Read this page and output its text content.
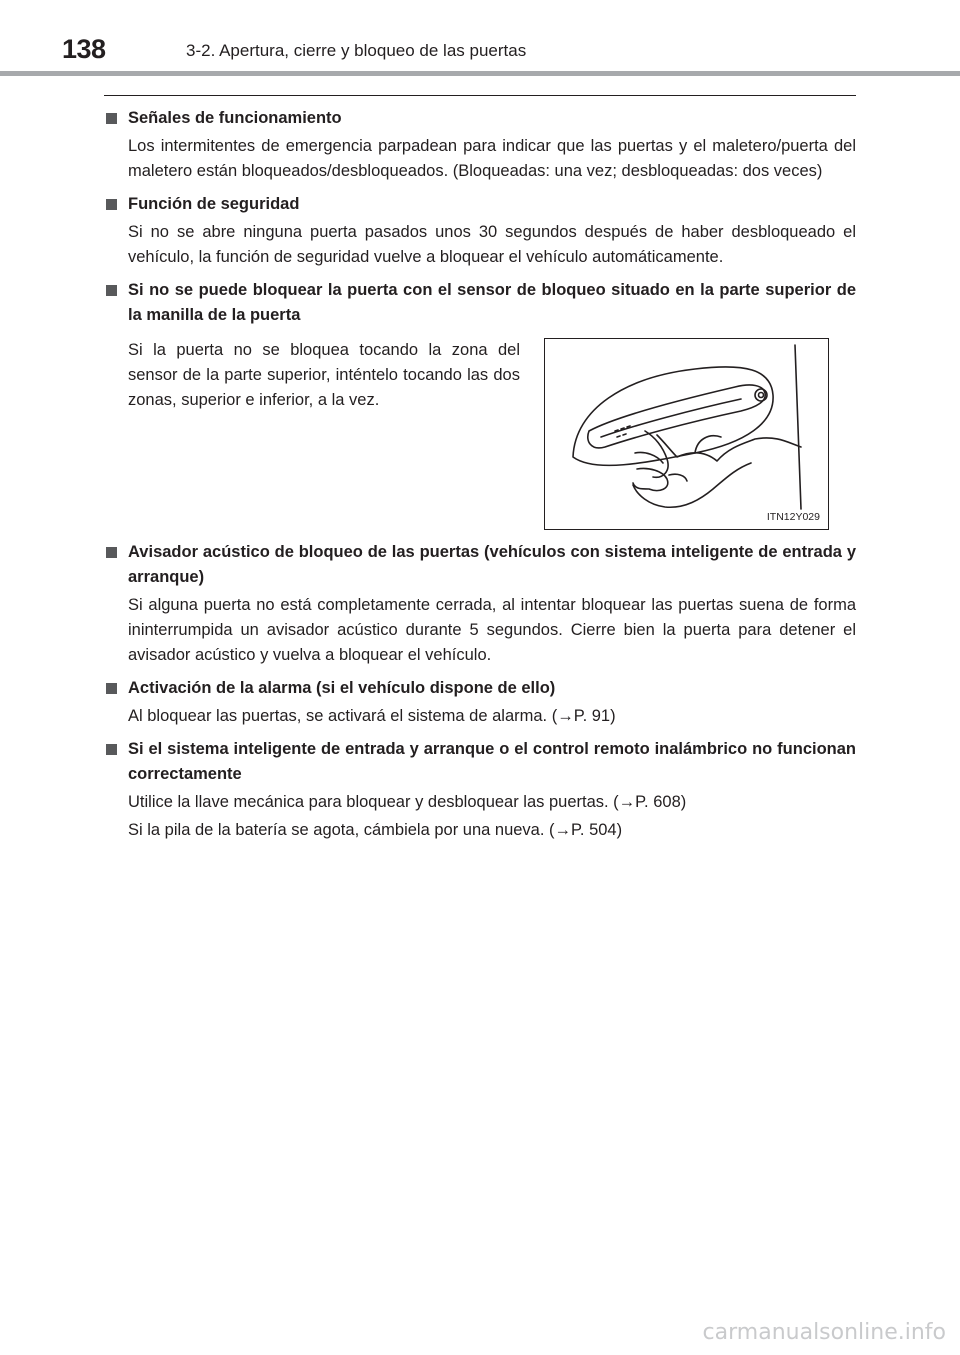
138	3-2. Apertura, cierre y bloqueo de las puertas
Señales de funcionamiento
Los intermitentes de emergencia parpadean para indicar que las puertas y el maletero/puerta del maletero están bloqueados/desbloqueados. (Bloqueadas: una vez; desbloqueadas: dos veces)
Función de seguridad
Si no se abre ninguna puerta pasados unos 30 segundos después de haber desbloqueado el vehículo, la función de seguridad vuelve a bloquear el vehículo automáticamente.
Si no se puede bloquear la puerta con el sensor de bloqueo situado en la parte superior de la manilla de la puerta
Si la puerta no se bloquea tocando la zona del sensor de la parte superior, inténtelo tocando las dos zonas, superior e inferior, a la vez.
ITN12Y029
Avisador acústico de bloqueo de las puertas (vehículos con sistema inteligente de entrada y arranque)
Si alguna puerta no está completamente cerrada, al intentar bloquear las puertas suena de forma ininterrumpida un avisador acústico durante 5 segundos. Cierre bien la puerta para detener el avisador acústico y vuelva a bloquear el vehículo.
Activación de la alarma (si el vehículo dispone de ello)
Al bloquear las puertas, se activará el sistema de alarma. (→P. 91)
Si el sistema inteligente de entrada y arranque o el control remoto inalámbrico no funcionan correctamente
Utilice la llave mecánica para bloquear y desbloquear las puertas. (→P. 608)
Si la pila de la batería se agota, cámbiela por una nueva. (→P. 504)
carmanualsonline.info
